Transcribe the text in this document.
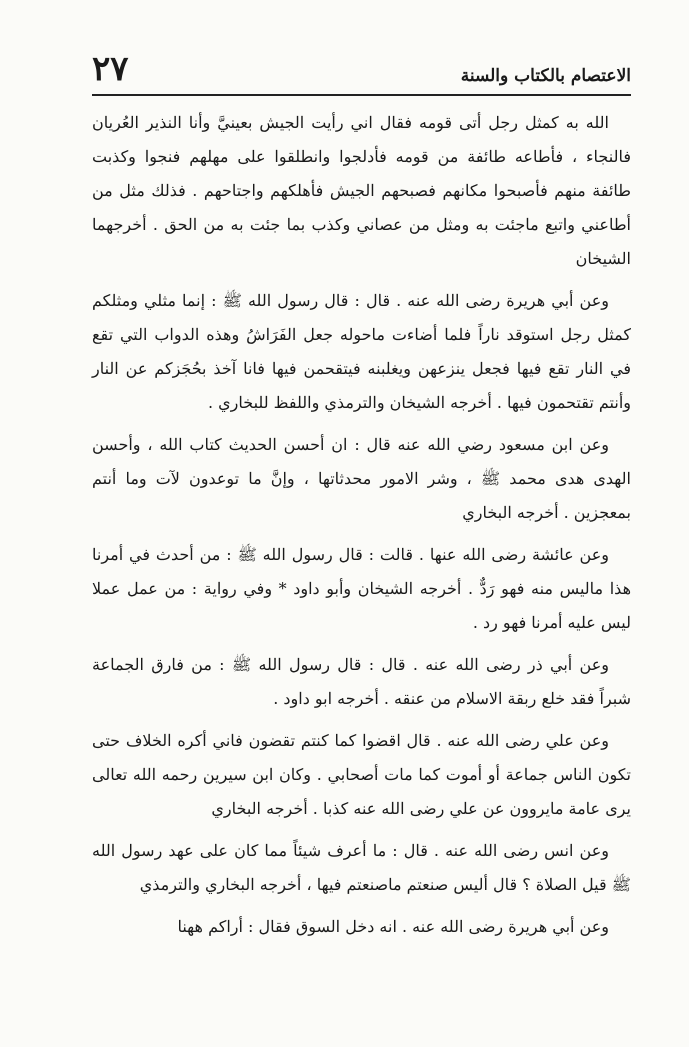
الاعتصام بالكتاب والسنة
٢٧

الله به كمثل رجل أتى قومه فقال اني رأيت الجيش بعينيَّ وأنا النذير العُريان فالنجاء ، فأطاعه طائفة من قومه فأدلجوا وانطلقوا على مهلهم فنجوا وكذبت طائفة منهم فأصبحوا مكانهم فصبحهم الجيش فأهلكهم واجتاحهم . فذلك مثل من أطاعني واتبع ماجئت به ومثل من عصاني وكذب بما جئت به من الحق . أخرجهما الشيخان

وعن أبي هريرة رضى الله عنه . قال : قال رسول الله ﷺ : إنما مثلي ومثلكم كمثل رجل استوقد ناراً فلما أضاءت ماحوله جعل الفَرَاشُ وهذه الدواب التي تقع في النار تقع فيها فجعل ينزعهن ويغلبنه فيتقحمن فيها فانا آخذ بحُجَزكم عن النار وأنتم تقتحمون فيها . أخرجه الشيخان والترمذي واللفظ للبخاري .

وعن ابن مسعود رضي الله عنه قال : ان أحسن الحديث كتاب الله ، وأحسن الهدى هدى محمد ﷺ ، وشر الامور محدثاتها ، وإنَّ ما توعدون لآت وما أنتم بمعجزين . أخرجه البخاري

وعن عائشة رضى الله عنها . قالت : قال رسول الله ﷺ : من أحدث في أمرنا هذا ماليس منه فهو رَدٌّ . أخرجه الشيخان وأبو داود * وفي رواية : من عمل عملا ليس عليه أمرنا فهو رد .

وعن أبي ذر رضى الله عنه . قال : قال رسول الله ﷺ : من فارق الجماعة شبراً فقد خلع ربقة الاسلام من عنقه . أخرجه ابو داود .

وعن علي رضى الله عنه . قال اقضوا كما كنتم تقضون فاني أكره الخلاف حتى تكون الناس جماعة أو أموت كما مات أصحابي . وكان ابن سيرين رحمه الله تعالى يرى عامة مايروون عن علي رضى الله عنه كذبا . أخرجه البخاري

وعن انس رضى الله عنه . قال : ما أعرف شيئاً مما كان على عهد رسول الله ﷺ قيل الصلاة ؟ قال أليس صنعتم ماصنعتم فيها ، أخرجه البخاري والترمذي

وعن أبي هريرة رضى الله عنه . انه دخل السوق فقال : أراكم ههنا
